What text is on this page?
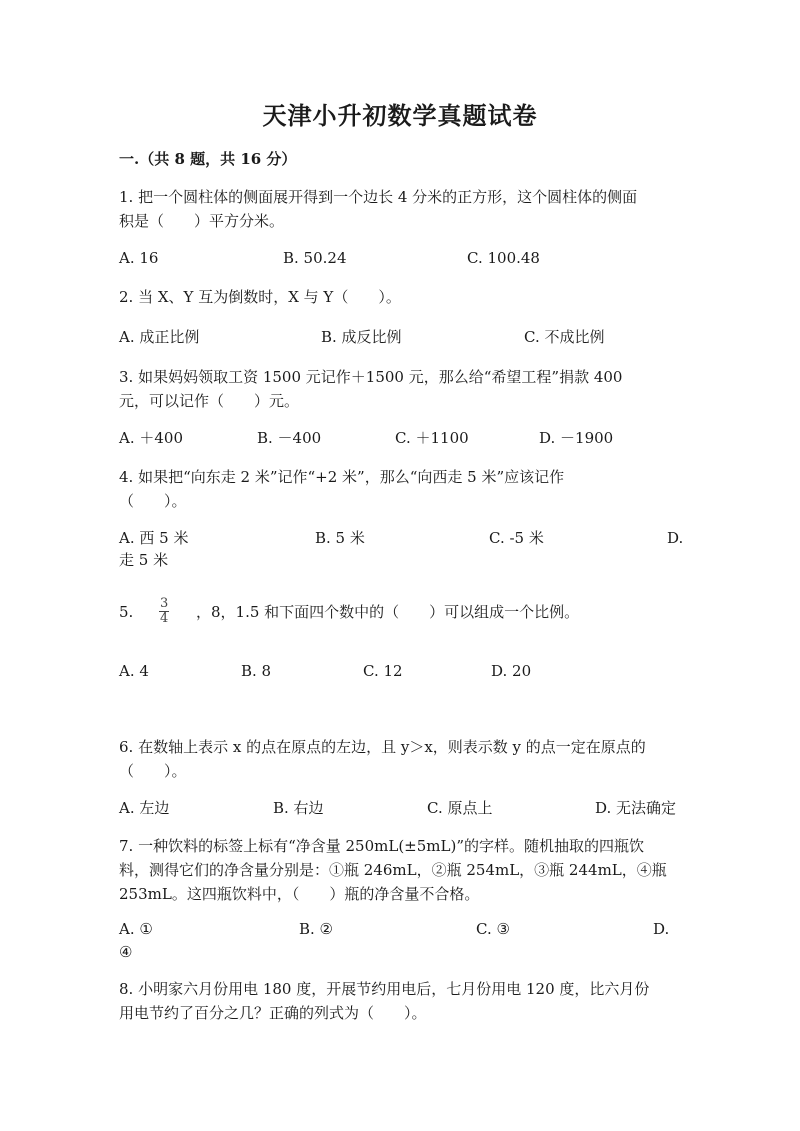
天津小升初数学真题试卷
一.（共 8 题，共 16 分）
1. 把一个圆柱体的侧面展开得到一个边长 4 分米的正方形，这个圆柱体的侧面
积是（　　）平方分米。
A. 16	B. 50.24	C. 100.48
2. 当 X、Y 互为倒数时，X 与 Y（　　）。
A. 成正比例	B. 成反比例	C. 不成比例
3. 如果妈妈领取工资 1500 元记作＋1500 元，那么给“希望工程”捐款 400
元，可以记作（　　）元。
A. ＋400	B. －400	C. ＋1100	D. －1900
4. 如果把“向东走 2 米”记作“+2 米”，那么“向西走 5 米”应该记作
（　　）。
A. 西 5 米	B. 5 米	C. -5 米	D.
走 5 米
5. $\frac{3}{4}$ ，8，1.5 和下面四个数中的（　　）可以组成一个比例。
A. 4	B. 8	C. 12	D. 20
6. 在数轴上表示 x 的点在原点的左边，且 y＞x，则表示数 y 的点一定在原点的
（　　）。
A. 左边	B. 右边	C. 原点上	D. 无法确定
7. 一种饮料的标签上标有“净含量 250mL(±5mL)”的字样。随机抽取的四瓶饮
料，测得它们的净含量分别是：①瓶 246mL，②瓶 254mL，③瓶 244mL，④瓶
253mL。这四瓶饮料中，（　　）瓶的净含量不合格。
A. ①	B. ②	C. ③	D.
④
8. 小明家六月份用电 180 度，开展节约用电后，七月份用电 120 度，比六月份
用电节约了百分之几？正确的列式为（　　）。
